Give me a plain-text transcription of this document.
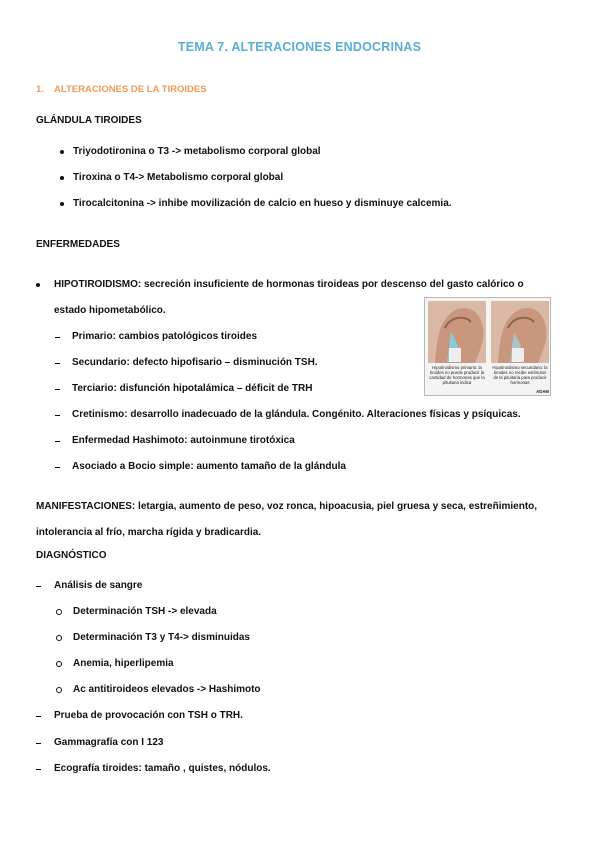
TEMA 7. ALTERACIONES ENDOCRINAS
1. ALTERACIONES DE LA TIROIDES
GLÁNDULA TIROIDES
Triyodotironina o T3 -> metabolismo corporal global
Tiroxina o T4-> Metabolismo corporal global
Tirocalcitonina -> inhibe movilización de calcio en hueso y disminuye calcemia.
ENFERMEDADES
HIPOTIROIDISMO: secreción insuficiente de hormonas tiroideas por descenso del gasto calórico o
estado hipometabólico.
Primario: cambios patológicos tiroides
Secundario: defecto hipofisario – disminución TSH.
Terciario: disfunción hipotalámica – déficit de TRH
Cretinismo: desarrollo inadecuado de la glándula. Congénito. Alteraciones físicas y psíquicas.
Enfermedad Hashimoto: autoinmune tirotóxica
Asociado a Bocio simple: aumento tamaño de la glándula
Hipotiroidismo primario: la tiroides no puede producir la cantidad de hormonas que la pituitaria indica
Hipotiroidismo secundario: la tiroides no recibe estímulos de la pituitaria para producir hormonas
ADAM
MANIFESTACIONES: letargia, aumento de peso, voz ronca, hipoacusia, piel gruesa y seca, estreñimiento,
intolerancia al frío, marcha rígida y bradicardia.
DIAGNÓSTICO
Análisis de sangre
Determinación TSH -> elevada
Determinación T3 y T4-> disminuidas
Anemia, hiperlipemia
Ac antitiroideos elevados -> Hashimoto
Prueba de provocación con TSH o TRH.
Gammagrafía con I 123
Ecografía tiroides: tamaño , quistes, nódulos.
